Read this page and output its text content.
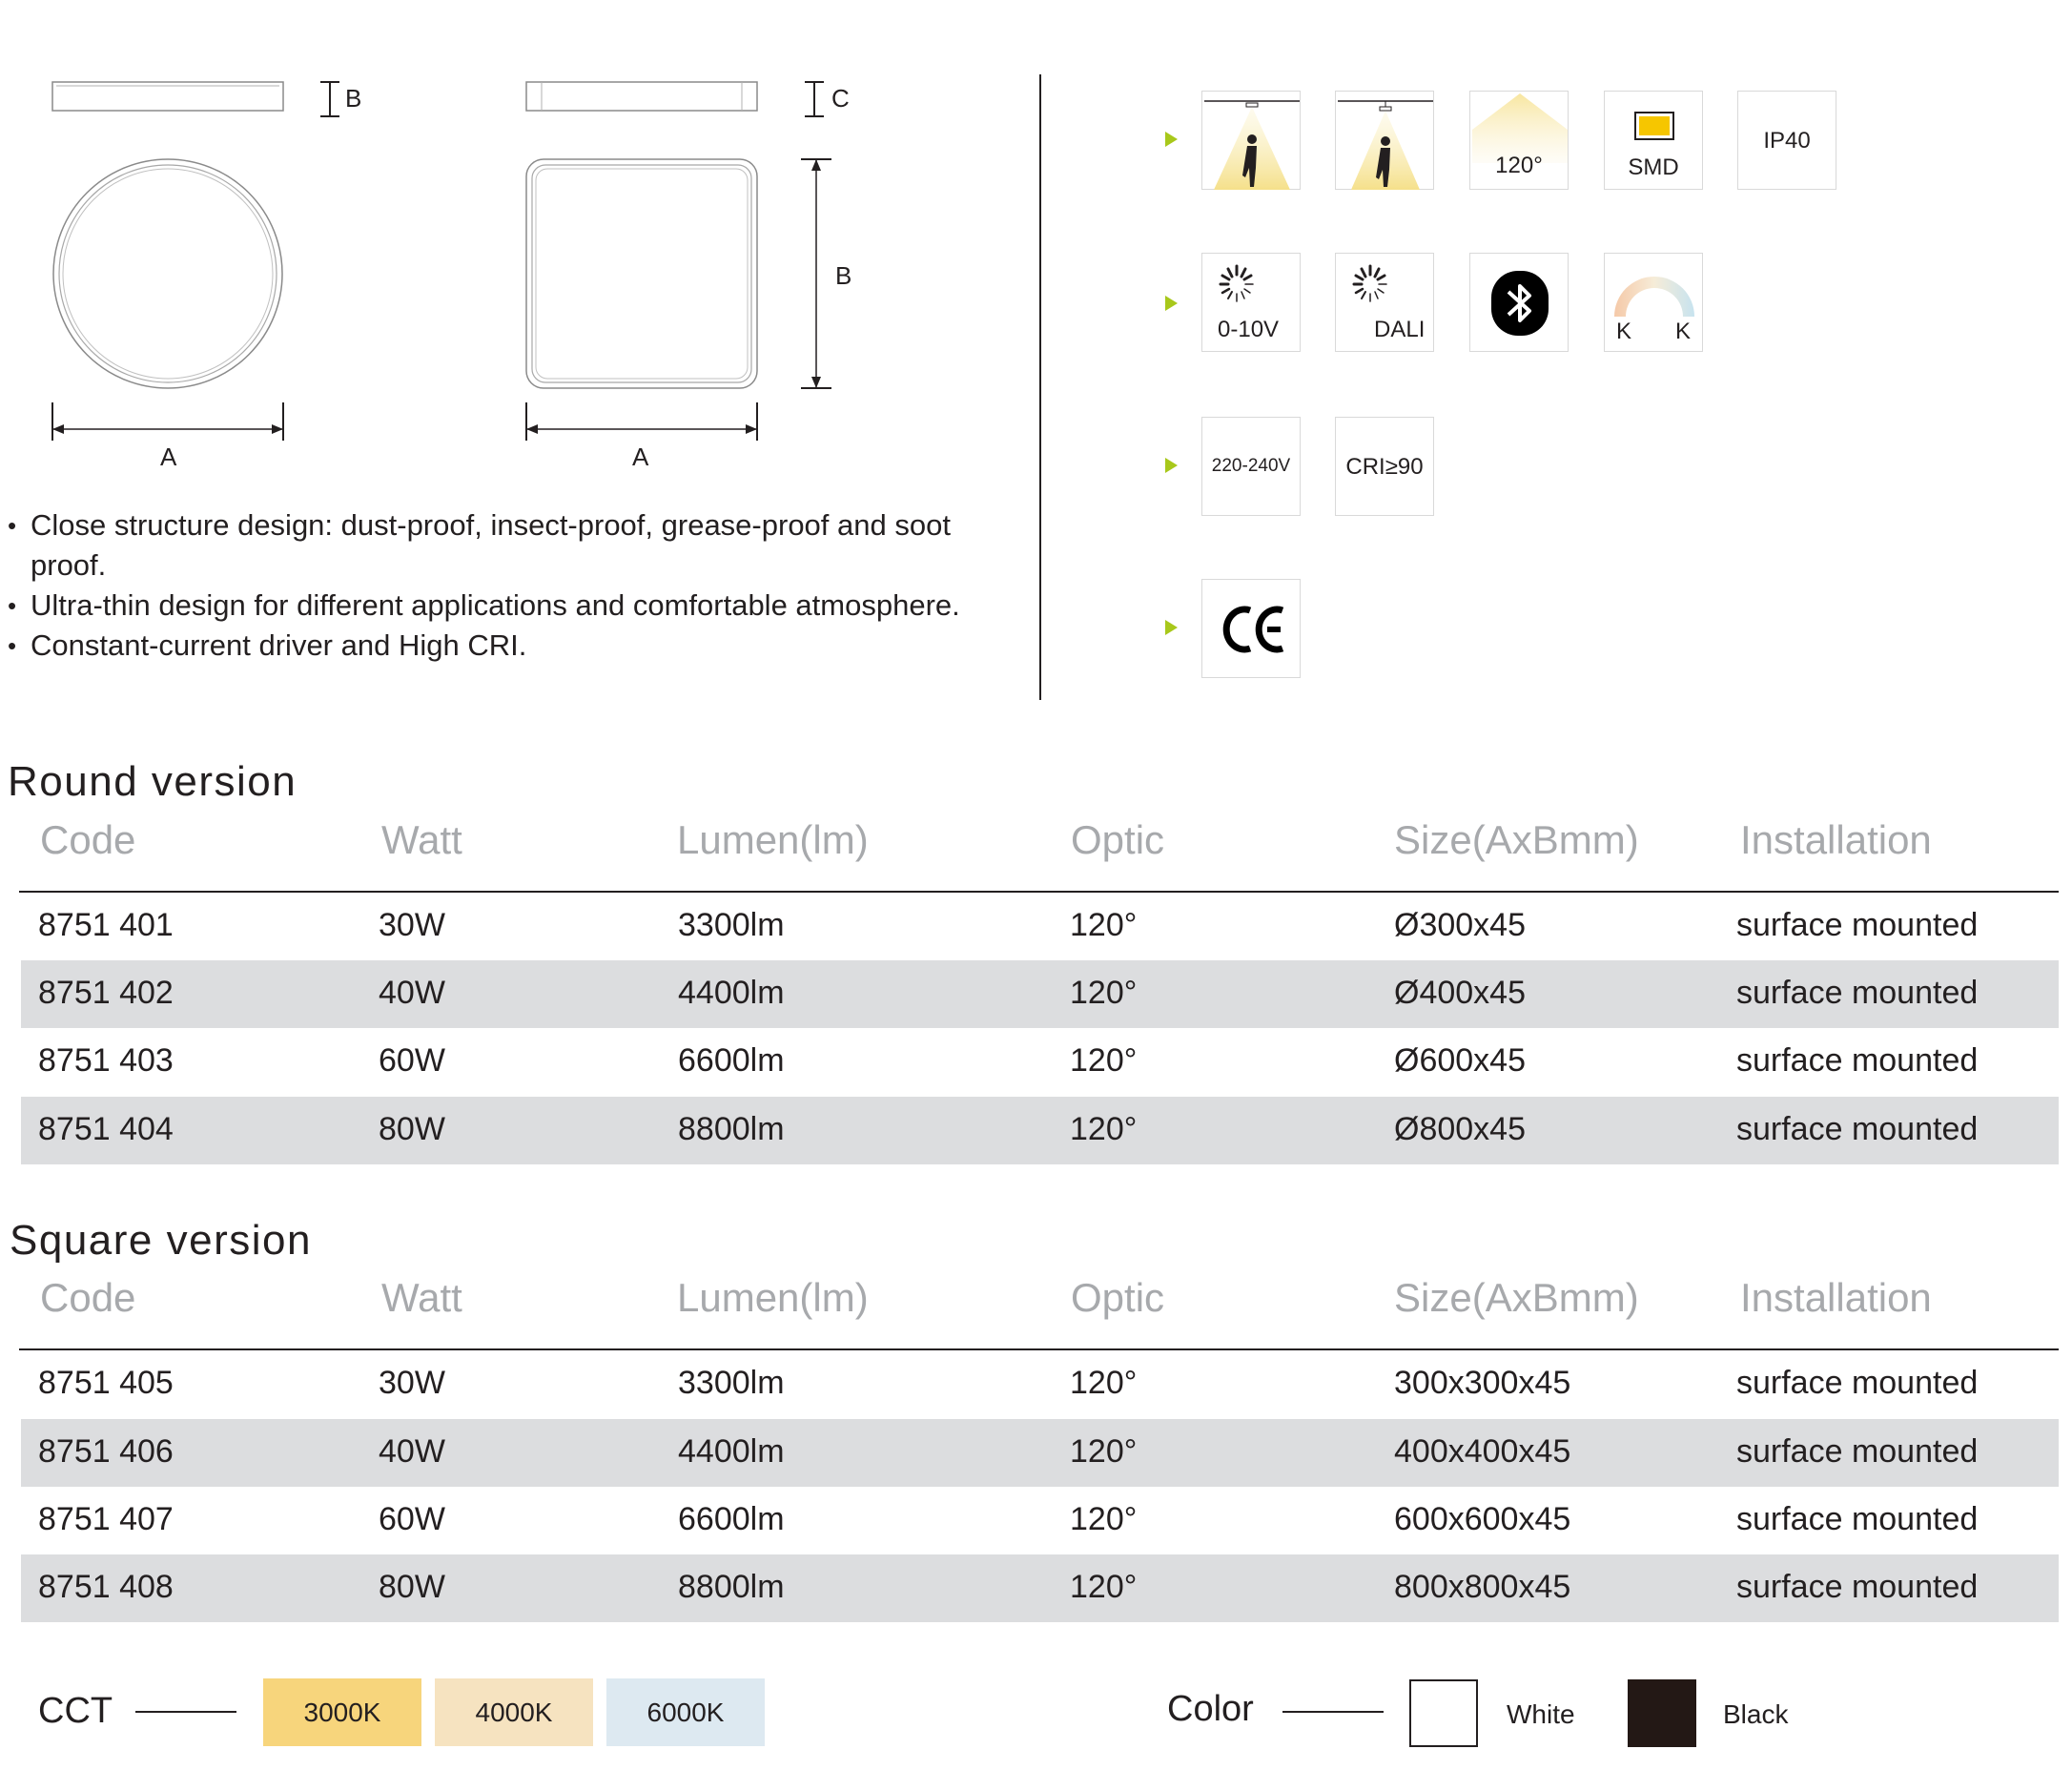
B
A
C
B
A
• Close structure design: dust-proof, insect-proof, grease-proof and soot proof.
• Ultra-thin design for different applications and comfortable atmosphere.
• Constant-current driver and High CRI.
120°	SMD
IP40
0-10V	DALI	K K
220-240V	CRI≥90
Round version
Code	Watt	Lumen(lm)	Optic	Size(AxBmm)	Installation
8751 401	30W	3300lm	120°	Ø300x45	surface mounted
8751 402	40W	4400lm	120°	Ø400x45	surface mounted
8751 403	60W	6600lm	120°	Ø600x45	surface mounted
8751 404	80W	8800lm	120°	Ø800x45	surface mounted
Square version
Code	Watt	Lumen(lm)	Optic	Size(AxBmm)	Installation
8751 405	30W	3300lm	120°	300x300x45	surface mounted
8751 406	40W	4400lm	120°	400x400x45	surface mounted
8751 407	60W	6600lm	120°	600x600x45	surface mounted
8751 408	80W	8800lm	120°	800x800x45	surface mounted
CCT	3000K	4000K	6000K	Color	White	Black
